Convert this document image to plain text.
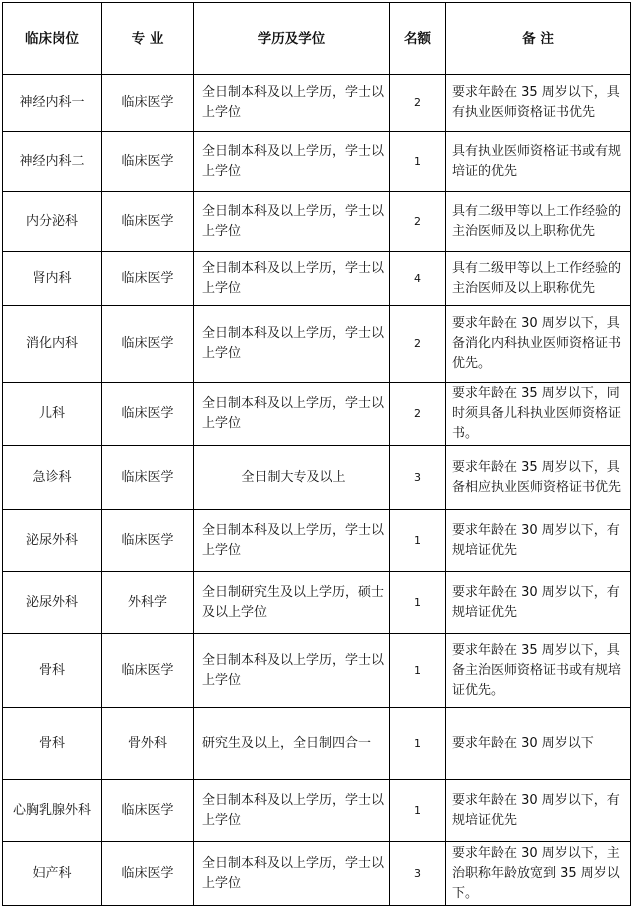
临床岗位	专 业	学历及学位	名额	备 注
神经内科一	临床医学	全日制本科及以上学历，学士以上学位	2	要求年龄在 35 周岁以下，具有执业医师资格证书优先
神经内科二	临床医学	全日制本科及以上学历，学士以上学位	1	具有执业医师资格证书或有规培证的优先
内分泌科	临床医学	全日制本科及以上学历，学士以上学位	2	具有二级甲等以上工作经验的主治医师及以上职称优先
肾内科	临床医学	全日制本科及以上学历，学士以上学位	4	具有二级甲等以上工作经验的主治医师及以上职称优先
消化内科	临床医学	全日制本科及以上学历，学士以上学位	2	要求年龄在 30 周岁以下，具备消化内科执业医师资格证书优先。
儿科	临床医学	全日制本科及以上学历，学士以上学位	2	要求年龄在 35 周岁以下，同时须具备儿科执业医师资格证书。
急诊科	临床医学	全日制大专及以上	3	要求年龄在 35 周岁以下，具备相应执业医师资格证书优先
泌尿外科	临床医学	全日制本科及以上学历，学士以上学位	1	要求年龄在 30 周岁以下，有规培证优先
泌尿外科	外科学	全日制研究生及以上学历，硕士及以上学位	1	要求年龄在 30 周岁以下，有规培证优先
骨科	临床医学	全日制本科及以上学历，学士以上学位	1	要求年龄在 35 周岁以下，具备主治医师资格证书或有规培证优先。
骨科	骨外科	研究生及以上，全日制四合一	1	要求年龄在 30 周岁以下
心胸乳腺外科	临床医学	全日制本科及以上学历，学士以上学位	1	要求年龄在 30 周岁以下，有规培证优先
妇产科	临床医学	全日制本科及以上学历，学士以上学位	3	要求年龄在 30 周岁以下，主治职称年龄放宽到 35 周岁以下。
